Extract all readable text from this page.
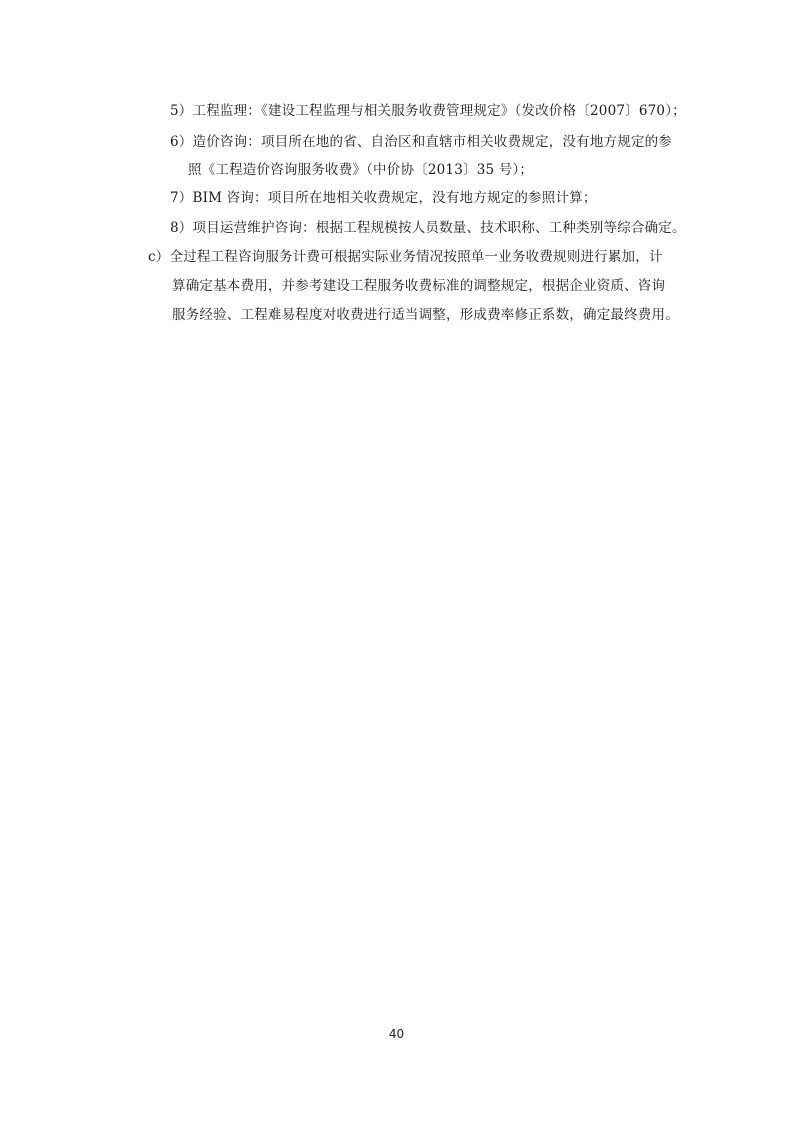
5）工程监理：《建设工程监理与相关服务收费管理规定》（发改价格〔2007〕670）；
6）造价咨询：项目所在地的省、自治区和直辖市相关收费规定，没有地方规定的参
照《工程造价咨询服务收费》（中价协〔2013〕35 号）；
7）BIM 咨询：项目所在地相关收费规定，没有地方规定的参照计算；
8）项目运营维护咨询：根据工程规模按人员数量、技术职称、工种类别等综合确定。
c）全过程工程咨询服务计费可根据实际业务情况按照单一业务收费规则进行累加，计
算确定基本费用，并参考建设工程服务收费标准的调整规定，根据企业资质、咨询
服务经验、工程难易程度对收费进行适当调整，形成费率修正系数，确定最终费用。
40
